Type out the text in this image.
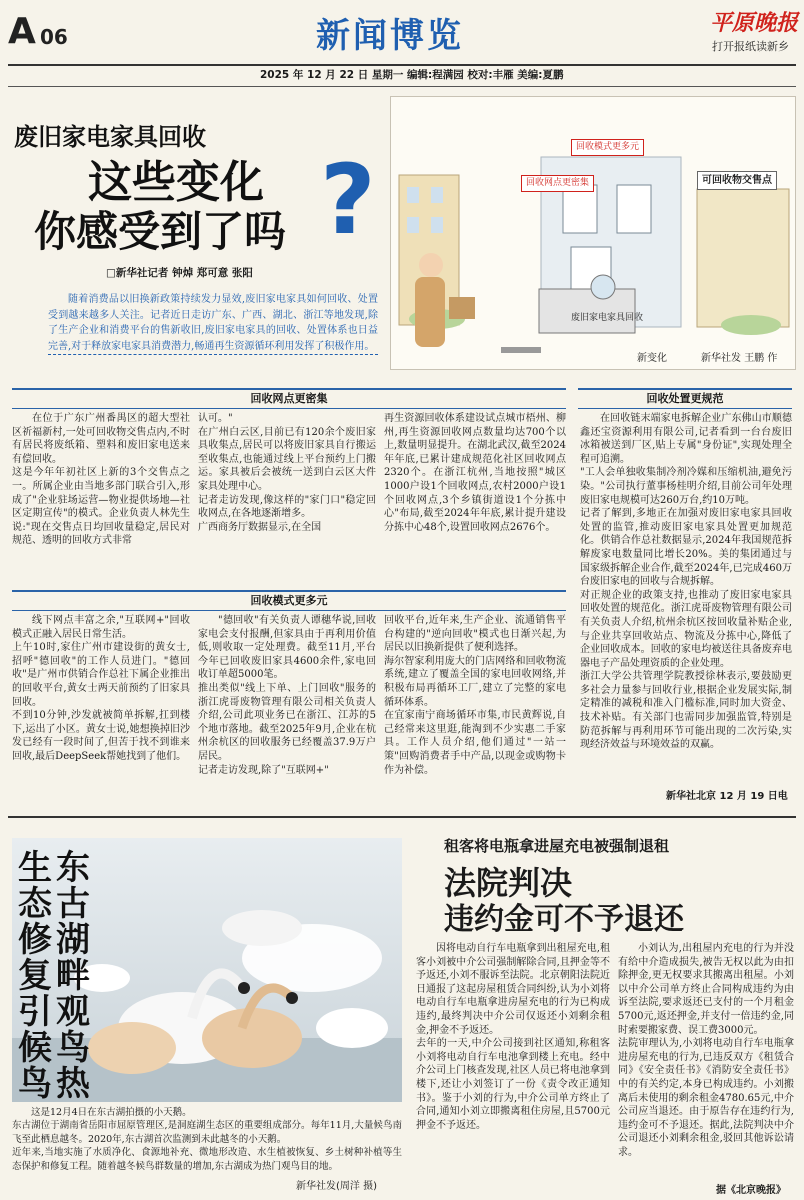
A 06	新闻博览	平原晚报
打开报纸读新乡
2025 年 12 月 22 日 星期一 编辑:程满园 校对:丰雁 美编:夏鹏
废旧家电家具回收
这些变化
你感受到了吗 ?
□新华社记者 钟焯 郑可意 张阳
随着消费品以旧换新政策持续发力显效,废旧家电家具如何回收、处置受到越来越多人关注。记者近日走访广东、广西、湖北、浙江等地发现,除了生产企业和消费平台的售新收旧,废旧家电家具的回收、处置体系也日益完善,对于释放家电家具消费潜力,畅通再生资源循环利用发挥了积极作用。
回收网点更密集
回收模式更多元
可回收物交售点
废旧家电家具回收
新变化	新华社发 王鹏 作
回收网点更密集

在位于广东广州番禺区的超大型社区祈福新村,一处可回收物交售点内,不时有居民将废纸箱、塑料和废旧家电送来有偿回收。
这是今年年初社区上新的3个交售点之一。所属企业由当地多部门联合引入,形成了"企业驻场运营—物业提供场地—社区定期宣传"的模式。企业负责人林先生说:"现在交售点日均回收量稳定,居民对规范、透明的回收方式非常

认可。"
在广州白云区,目前已有120余个废旧家具收集点,居民可以将废旧家具自行搬运至收集点,也能通过线上平台预约上门搬运。家具被后会被统一送到白云区大件家具处理中心。
记者走访发现,像这样的"家门口"稳定回收网点,在各地逐渐增多。
广西商务厅数据显示,在全国

再生资源回收体系建设试点城市梧州、柳州,再生资源回收网点数量均达700个以上,数量明显提升。在湖北武汉,截至2024年年底,已累计建成规范化社区回收网点2320个。在浙江杭州,当地按照"城区1000户设1个回收网点,农村2000户设1个回收网点,3个乡镇街道设1个分拣中心"布局,截至2024年年底,累计提升建设分拣中心48个,设置回收网点2676个。

回收处置更规范

在回收链末端家电拆解企业广东佛山市顺德鑫还宝资源利用有限公司,记者看到一台台废旧冰箱被送到厂区,贴上专属"身份证",实现处理全程可追溯。
"工人会单独收集制冷剂冷媒和压缩机油,避免污染。"公司执行董事杨桂明介绍,目前公司年处理废旧家电规模可达260万台,约10万吨。
记者了解到,多地正在加强对废旧家电家具回收处置的监管,推动废旧家电家具处置更加规范化。供销合作总社数据显示,2024年我国规范拆解废家电数量同比增长20%。美的集团通过与国家级拆解企业合作,截至2024年,已完成460万台废旧家电的回收与合规拆解。
对正规企业的政策支持,也推动了废旧家电家具回收处置的规范化。浙江虎哥废物管理有限公司有关负责人介绍,杭州余杭区按回收量补贴企业,与企业共享回收站点、物流及分拣中心,降低了企业回收成本。回收的家电均被送往具备废弃电器电子产品处理资质的企业处理。
浙江大学公共管理学院教授徐林表示,要鼓励更多社会力量参与回收行业,根据企业发展实际,制定精准的减税和准入门槛标准,同时加大资金、技术补贴。有关部门也需同步加强监管,特别是防范拆解与再利用环节可能出现的二次污染,实现经济效益与环境效益的双赢。

新华社北京 12 月 19 日电
回收模式更多元

线下网点丰富之余,"互联网+"回收模式正融入居民日常生活。
上午10时,家住广州市建设街的黄女士,招呼"德回收"的工作人员进门。"德回收"是广州市供销合作总社下属企业推出的回收平台,黄女士两天前预约了旧家具回收。
不到10分钟,沙发就被简单拆解,扛到楼下,运出了小区。黄女士说,她想换掉旧沙发已经有一段时间了,但苦于找不到谁来回收,最后DeepSeek帮她找到了他们。

"德回收"有关负责人谭穗华说,回收家电会支付报酬,但家具由于再利用价值低,则收取一定处理费。截至11月,平台今年已回收废旧家具4600余件,家电回收订单超5000笔。
推出类似"线上下单、上门回收"服务的浙江虎哥废物管理有限公司相关负责人介绍,公司此项业务已在浙江、江苏的5个地市落地。截至2025年9月,企业在杭州余杭区的回收服务已经覆盖37.9万户居民。
记者走访发现,除了"互联网+"

回收平台,近年来,生产企业、流通销售平台构建的"逆向回收"模式也日渐兴起,为居民以旧换新提供了便利选择。
海尔智家利用庞大的门店网络和回收物流系统,建立了覆盖全国的家电回收网络,并积极布局再循环工厂,建立了完整的家电循环体系。
在宜家南宁商场循环市集,市民黄辉说,自己经常来这里逛,能淘到不少实惠二手家具。工作人员介绍,他们通过"一站一策"回购消费者手中产品,以现金或购物卡作为补偿。

东古湖畔观鸟热
生态修复引候鸟

这是12月4日在东古湖拍摄的小天鹅。
东古湖位于湖南省岳阳市屈原管理区,是洞庭湖生态区的重要组成部分。每年11月,大量候鸟南飞至此栖息越冬。2020年,东古湖首次监测到未此越冬的小天鹅。
近年来,当地实施了水质净化、食源地补充、微地形改造、水生植被恢复、乡土树种补植等生态保护和修复工程。随着越冬候鸟群数量的增加,东古湖成为热门观鸟目的地。

新华社发(周洋 摄)
租客将电瓶拿进屋充电被强制退租
法院判决
违约金可不予退还

因将电动自行车电瓶拿到出租屋充电,租客小刘被中介公司强制解除合同,且押金等不予返还,小刘不服诉至法院。北京朝阳法院近日通报了这起房屋租赁合同纠纷,认为小刘将电动自行车电瓶拿进房屋充电的行为已构成违约,最终判决中介公司仅返还小刘剩余租金,押金不予返还。
去年的一天,中介公司接到社区通知,称租客小刘将电动自行车电池拿到楼上充电。经中介公司上门核查发现,社区人员已将电池拿到楼下,还让小刘签订了一份《责令改正通知书》。鉴于小刘的行为,中介公司单方终止了合同,通知小刘立即搬离租住房屋,且5700元押金不予返还。

小刘认为,出租屋内充电的行为并没有给中介造成损失,被告无权以此为由扣除押金,更无权要求其搬离出租屋。小刘以中介公司单方终止合同构成违约为由诉至法院,要求返还已支付的一个月租金5700元,返还押金,并支付一倍违约金,同时索要搬家费、误工费3000元。
法院审理认为,小刘将电动自行车电瓶拿进房屋充电的行为,已违反双方《租赁合同》《安全责任书》《消防安全责任书》中的有关约定,本身已构成违约。小刘搬离后未使用的剩余租金4780.65元,中介公司应当退还。由于原告存在违约行为,违约金可不予退还。据此,法院判决中介公司退还小刘剩余租金,驳回其他诉讼请求。

据《北京晚报》
